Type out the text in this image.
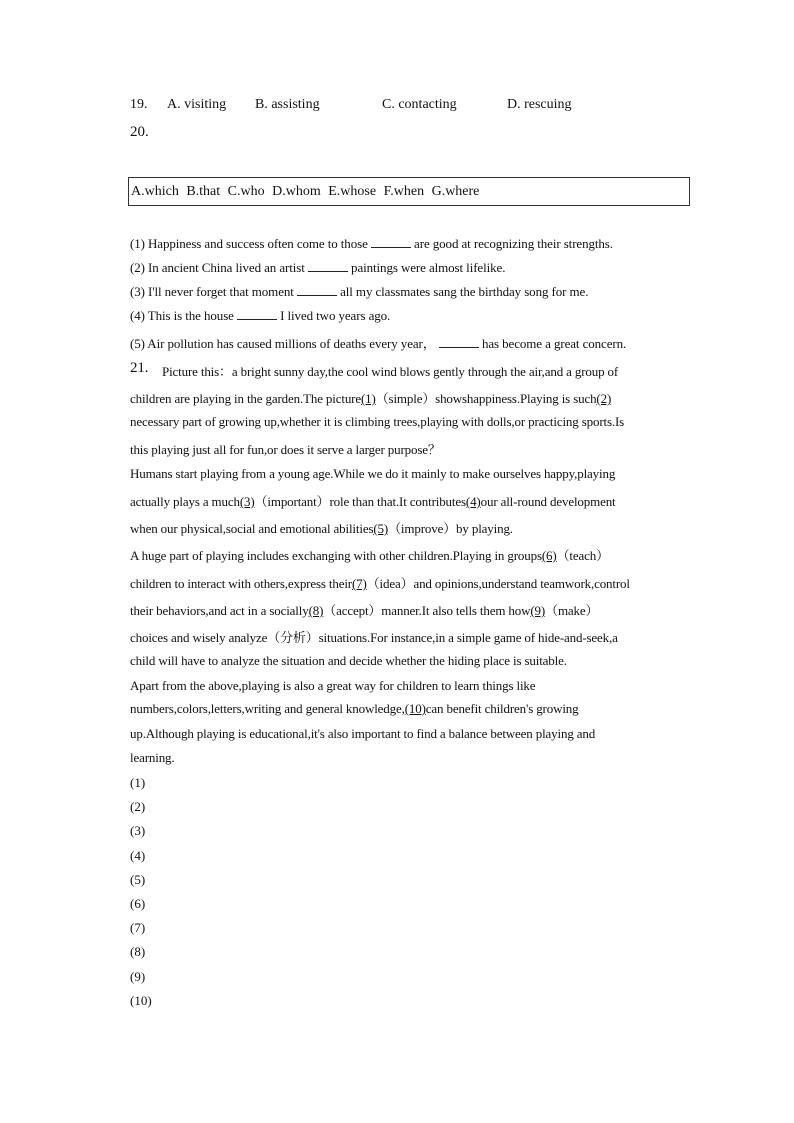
19. A. visiting B. assisting	C. contacting	D. rescuing
20.
A.which B.that C.who D.whom E.whose F.when G.where
(1) Happiness and success often come to those	are good at recognizing their strengths.
(2) In ancient China lived an artist	paintings were almost lifelike.
(3) I'll never forget that moment	all my classmates sang the birthday song for me.
(4) This is the house	I lived two years ago.
(5) Air pollution has caused millions of deaths every year，	has become a great concern.
21.	Picture this：a bright sunny day,the cool wind blows gently through the air,and a group of
children are playing in the garden.The picture(1)（simple）showshappiness.Playing is such(2)
necessary part of growing up,whether it is climbing trees,playing with dolls,or practicing sports.Is
this playing just all for fun,or does it serve a larger purpose？
Humans start playing from a young age.While we do it mainly to make ourselves happy,playing
actually plays a much(3)（important）role than that.It contributes(4)our all-round development
when our physical,social and emotional abilities(5)（improve）by playing.
A huge part of playing includes exchanging with other children.Playing in groups(6)（teach）
children to interact with others,express their(7)（idea）and opinions,understand teamwork,control
their behaviors,and act in a socially(8)（accept）manner.It also tells them how(9)（make）
choices and wisely analyze（分析）situations.For instance,in a simple game of hide-and-seek,a
child will have to analyze the situation and decide whether the hiding place is suitable.
Apart from the above,playing is also a great way for children to learn things like
numbers,colors,letters,writing and general knowledge,(10)can benefit children's growing
up.Although playing is educational,it's also important to find a balance between playing and
learning.
(1)
(2)
(3)
(4)
(5)
(6)
(7)
(8)
(9)
(10)
